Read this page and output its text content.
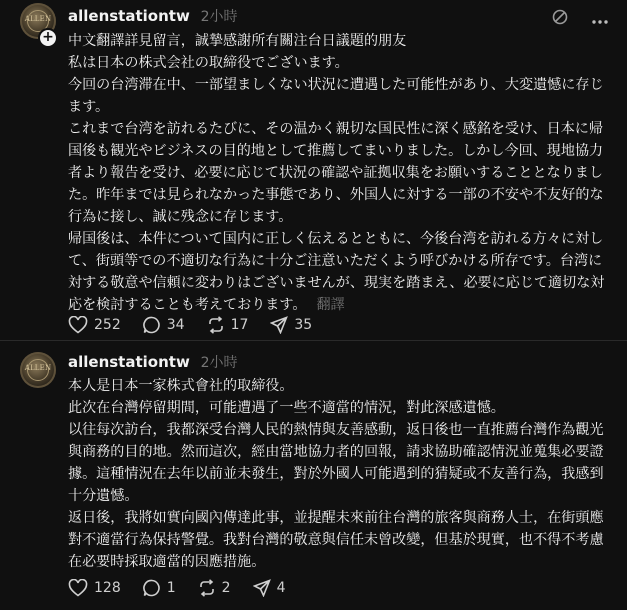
ALLEN
+
allenstationtw 2小時

中文翻譯詳見留言，誠摯感謝所有關注台日議題的朋友

私は日本の株式会社の取締役でございます。

今回の台湾滞在中、一部望ましくない状況に遭遇した可能性があり、大変遺憾に存じます。

これまで台湾を訪れるたびに、その温かく親切な国民性に深く感銘を受け、日本に帰国後も観光やビジネスの目的地として推薦してまいりました。しかし今回、現地協力者より報告を受け、必要に応じて状況の確認や証拠収集をお願いすることとなりました。昨年までは見られなかった事態であり、外国人に対する一部の不安や不友好的な行為に接し、誠に残念に存じます。

帰国後は、本件について国内に正しく伝えるとともに、今後台湾を訪れる方々に対して、街頭等での不適切な行為に十分ご注意いただくよう呼びかける所存です。台湾に対する敬意や信頼に変わりはございませんが、現実を踏まえ、必要に応じて適切な対応を検討することも考えております。 翻譯

252	34	17	35
ALLEN	allenstationtw 2小時

本人是日本一家株式會社的取締役。

此次在台灣停留期間，可能遭遇了一些不適當的情況，對此深感遺憾。

以往每次訪台，我都深受台灣人民的熱情與友善感動，返日後也一直推薦台灣作為觀光與商務的目的地。然而這次，經由當地協力者的回報，請求協助確認情況並蒐集必要證據。這種情況在去年以前並未發生，對於外國人可能遇到的猜疑或不友善行為，我感到十分遺憾。

返日後，我將如實向國內傳達此事，並提醒未來前往台灣的旅客與商務人士，在街頭應對不適當行為保持警覺。我對台灣的敬意與信任未曾改變，但基於現實，也不得不考慮在必要時採取適當的因應措施。

128	1	2	4
